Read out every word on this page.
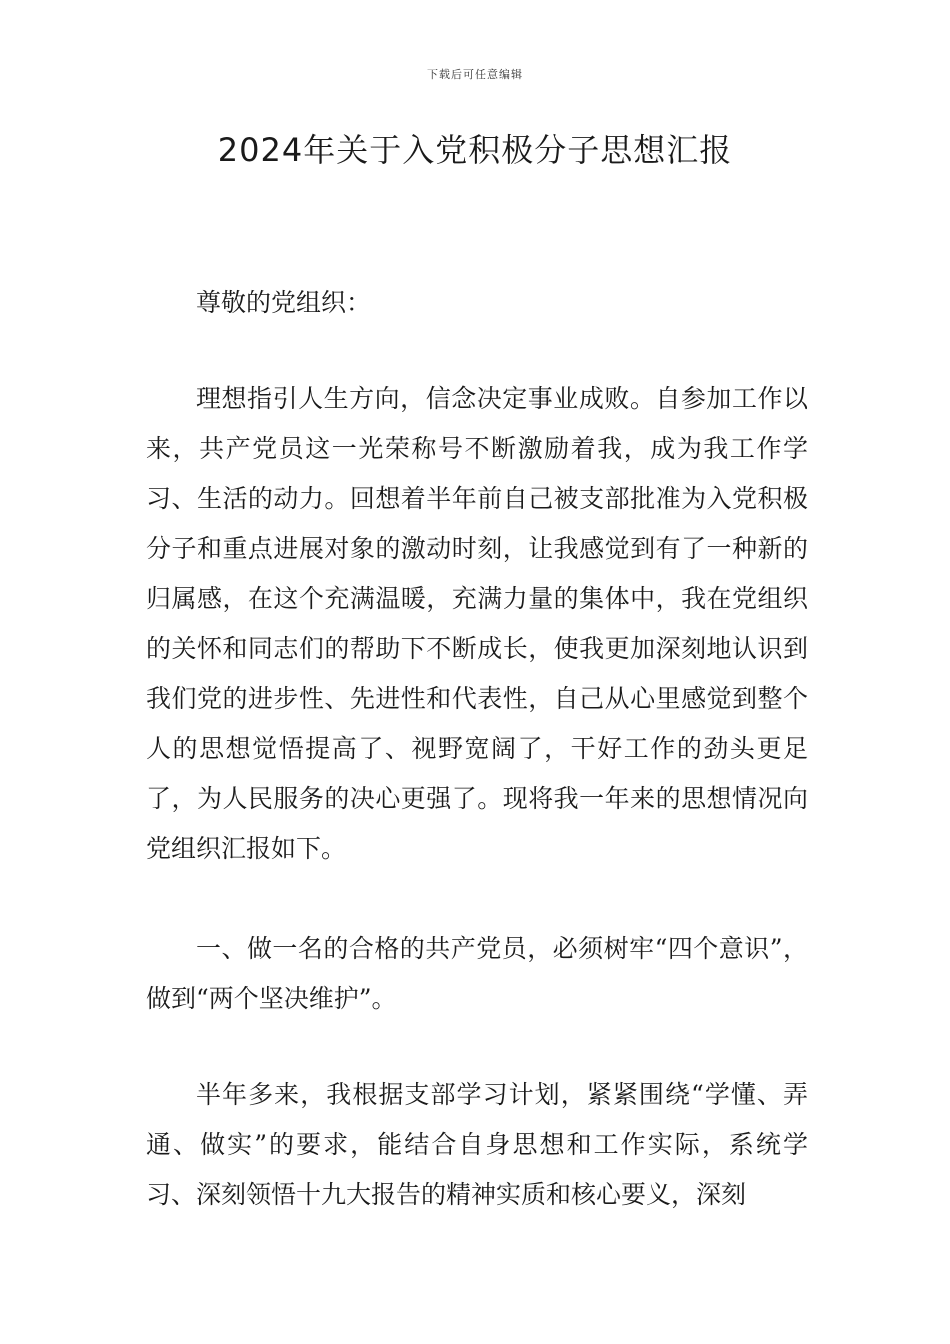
下载后可任意编辑
2024年关于入党积极分子思想汇报

尊敬的党组织：

理想指引人生方向，信念决定事业成败。自参加工作以来，共产党员这一光荣称号不断激励着我，成为我工作学习、生活的动力。回想着半年前自己被支部批准为入党积极分子和重点进展对象的激动时刻，让我感觉到有了一种新的归属感，在这个充满温暖，充满力量的集体中，我在党组织的关怀和同志们的帮助下不断成长，使我更加深刻地认识到我们党的进步性、先进性和代表性，自己从心里感觉到整个人的思想觉悟提高了、视野宽阔了，干好工作的劲头更足了，为人民服务的决心更强了。现将我一年来的思想情况向党组织汇报如下。

一、做一名的合格的共产党员，必须树牢“四个意识”，做到“两个坚决维护”。

半年多来，我根据支部学习计划，紧紧围绕“学懂、弄通、做实”的要求，能结合自身思想和工作实际，系统学习、深刻领悟十九大报告的精神实质和核心要义，深刻
